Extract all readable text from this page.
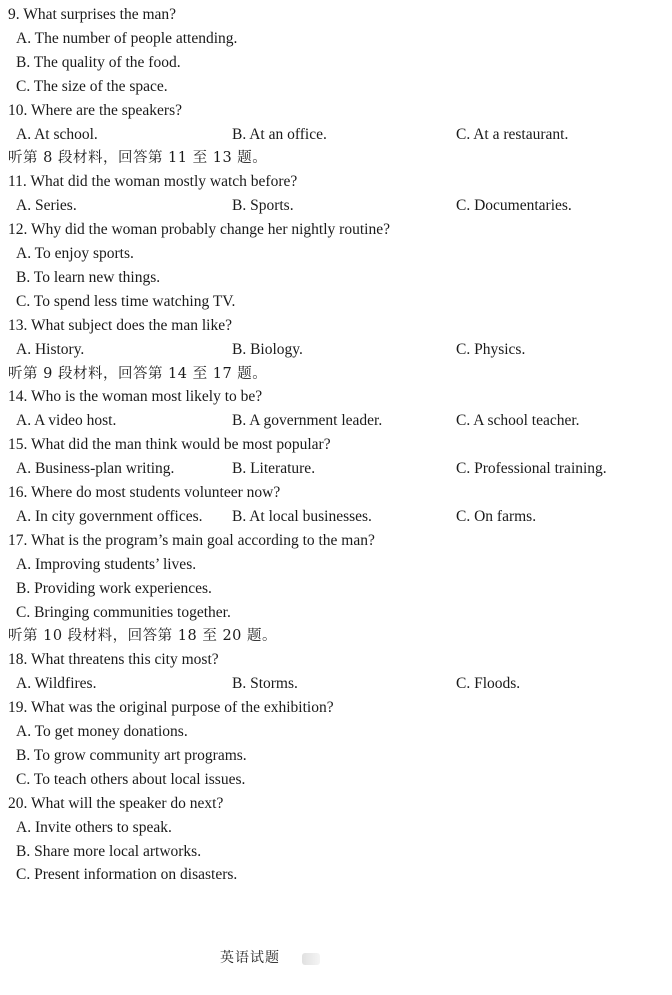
9. What surprises the man?
A. The number of people attending.
B. The quality of the food.
C. The size of the space.
10. Where are the speakers?
A. At school.	B. At an office.	C. At a restaurant.
听第 8 段材料，回答第 11 至 13 题。
11. What did the woman mostly watch before?
A. Series.	B. Sports.	C. Documentaries.
12. Why did the woman probably change her nightly routine?
A. To enjoy sports.
B. To learn new things.
C. To spend less time watching TV.
13. What subject does the man like?
A. History.	B. Biology.	C. Physics.
听第 9 段材料，回答第 14 至 17 题。
14. Who is the woman most likely to be?
A. A video host.	B. A government leader.	C. A school teacher.
15. What did the man think would be most popular?
A. Business-plan writing.	B. Literature.	C. Professional training.
16. Where do most students volunteer now?
A. In city government offices. B. At local businesses.	C. On farms.
17. What is the program’s main goal according to the man?
A. Improving students’ lives.
B. Providing work experiences.
C. Bringing communities together.
听第 10 段材料，回答第 18 至 20 题。
18. What threatens this city most?
A. Wildfires.	B. Storms.	C. Floods.
19. What was the original purpose of the exhibition?
A. To get money donations.
B. To grow community art programs.
C. To teach others about local issues.
20. What will the speaker do next?
A. Invite others to speak.
B. Share more local artworks.
C. Present information on disasters.
英语试题
